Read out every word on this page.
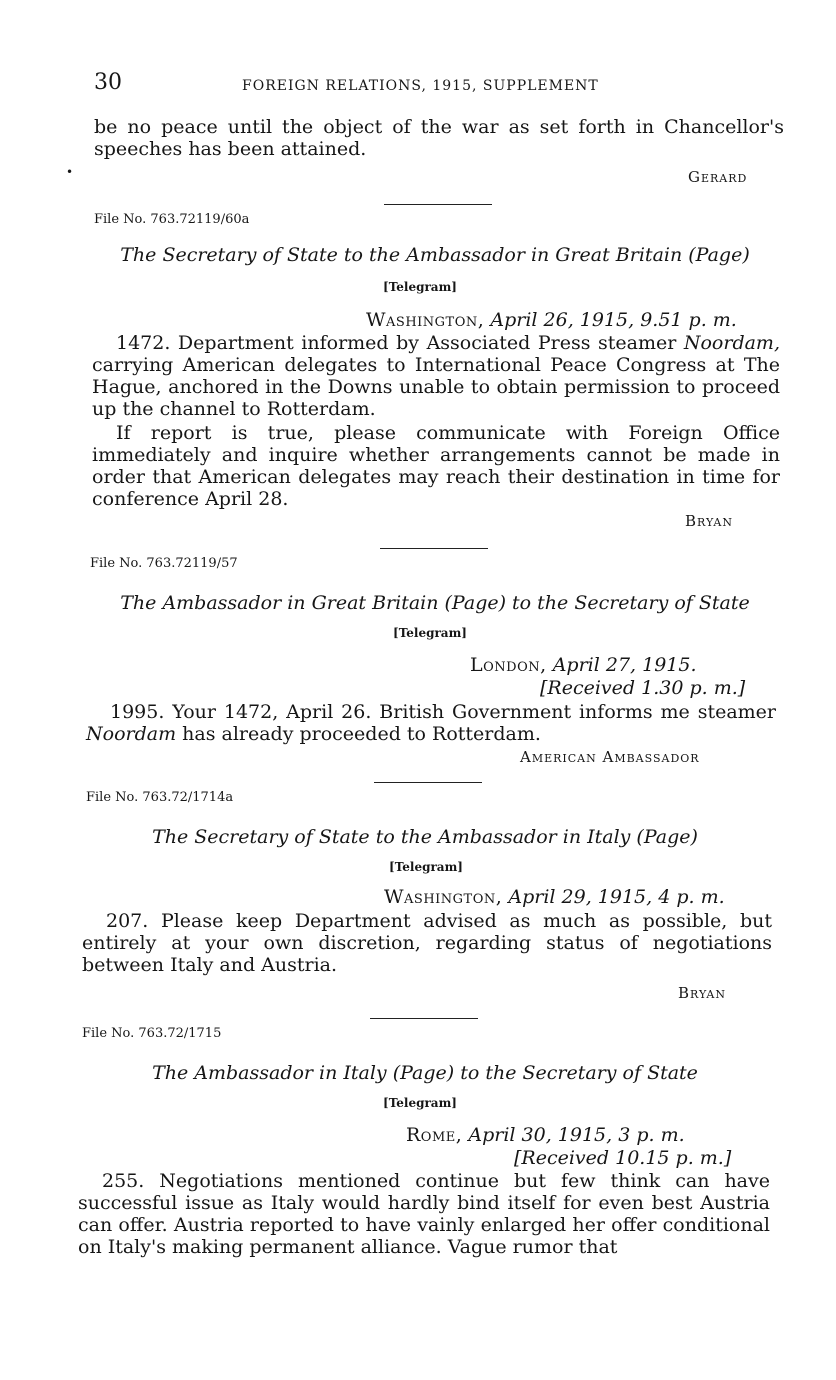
30	FOREIGN RELATIONS, 1915, SUPPLEMENT
•

be no peace until the object of the war as set forth in Chancellor's speeches has been attained.

Gerard
File No. 763.72119/60a
The Secretary of State to the Ambassador in Great Britain (Page)
[Telegram]
Washington, April 26, 1915, 9.51 p. m.

1472. Department informed by Associated Press steamer Noordam, carrying American delegates to International Peace Congress at The Hague, anchored in the Downs unable to obtain permission to proceed up the channel to Rotterdam.

If report is true, please communicate with Foreign Office immediately and inquire whether arrangements cannot be made in order that American delegates may reach their destination in time for conference April 28.

Bryan
File No. 763.72119/57
The Ambassador in Great Britain (Page) to the Secretary of State
[Telegram]
London, April 27, 1915.
[Received 1.30 p. m.]

1995. Your 1472, April 26. British Government informs me steamer Noordam has already proceeded to Rotterdam.

American Ambassador
File No. 763.72/1714a
The Secretary of State to the Ambassador in Italy (Page)
[Telegram]
Washington, April 29, 1915, 4 p. m.

207. Please keep Department advised as much as possible, but entirely at your own discretion, regarding status of negotiations between Italy and Austria.

Bryan
File No. 763.72/1715
The Ambassador in Italy (Page) to the Secretary of State
[Telegram]
Rome, April 30, 1915, 3 p. m.
[Received 10.15 p. m.]

255. Negotiations mentioned continue but few think can have successful issue as Italy would hardly bind itself for even best Austria can offer. Austria reported to have vainly enlarged her offer conditional on Italy's making permanent alliance. Vague rumor that
